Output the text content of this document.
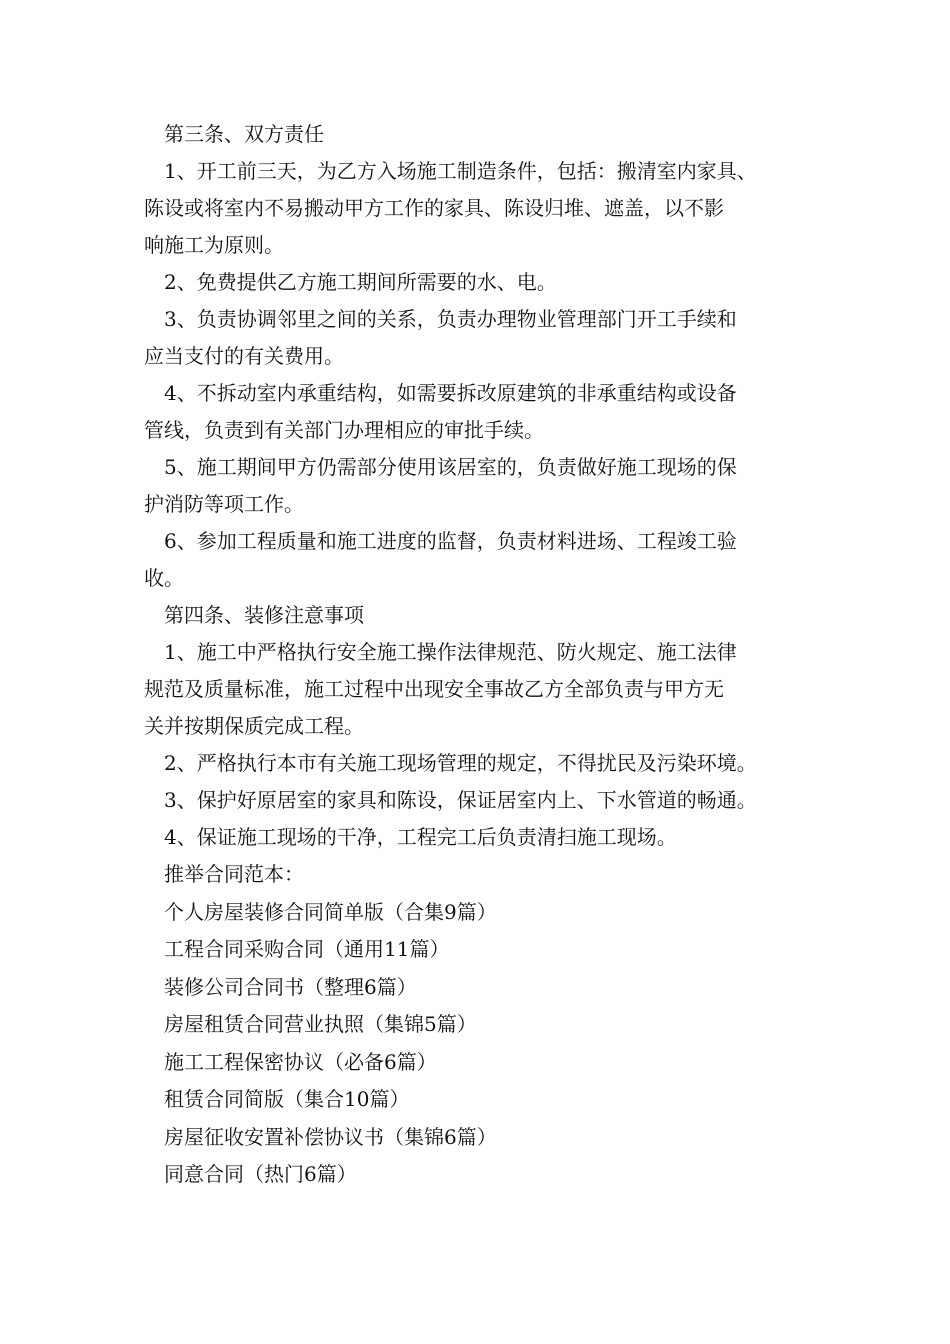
第三条、双方责任

1、开工前三天，为乙方入场施工制造条件，包括：搬清室内家具、
陈设或将室内不易搬动甲方工作的家具、陈设归堆、遮盖，以不影
响施工为原则。

2、免费提供乙方施工期间所需要的水、电。

3、负责协调邻里之间的关系，负责办理物业管理部门开工手续和
应当支付的有关费用。

4、不拆动室内承重结构，如需要拆改原建筑的非承重结构或设备
管线，负责到有关部门办理相应的审批手续。

5、施工期间甲方仍需部分使用该居室的，负责做好施工现场的保
护消防等项工作。

6、参加工程质量和施工进度的监督，负责材料进场、工程竣工验
收。

第四条、装修注意事项

1、施工中严格执行安全施工操作法律规范、防火规定、施工法律
规范及质量标准，施工过程中出现安全事故乙方全部负责与甲方无
关并按期保质完成工程。

2、严格执行本市有关施工现场管理的规定，不得扰民及污染环境。

3、保护好原居室的家具和陈设，保证居室内上、下水管道的畅通。

4、保证施工现场的干净，工程完工后负责清扫施工现场。

推举合同范本：

个人房屋装修合同简单版（合集9篇）

工程合同采购合同（通用11篇）

装修公司合同书（整理6篇）

房屋租赁合同营业执照（集锦5篇）

施工工程保密协议（必备6篇）

租赁合同简版（集合10篇）

房屋征收安置补偿协议书（集锦6篇）

同意合同（热门6篇）
